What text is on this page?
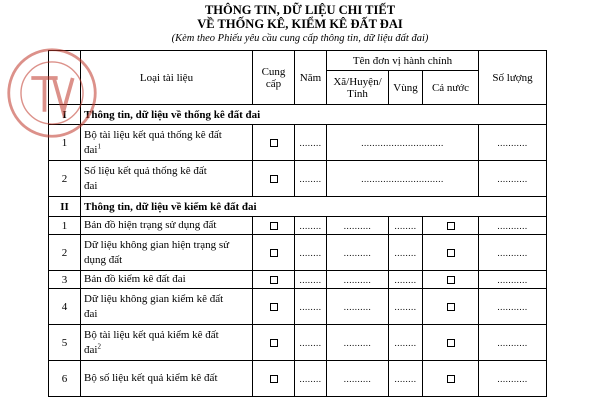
THÔNG TIN, DỮ LIỆU CHI TIẾT
VỀ THỐNG KÊ, KIỂM KÊ ĐẤT ĐAI
(Kèm theo Phiếu yêu cầu cung cấp thông tin, dữ liệu đất đai)
	Loại tài liệu	Cung
cấp	Năm	Tên đơn vị hành chính			Số lượng

				Xã/Huyện/
Tỉnh	Vùng	Cả nước	
I	Thông tin, dữ liệu về thống kê đất đai						
1	Bộ tài liệu kết quả thống kê đất
đai$^1$		........	..............................			...........
2	Số liệu kết quả thống kê đất
đai		........	..............................			...........
II	Thông tin, dữ liệu về kiểm kê đất đai						
1	Bản đồ hiện trạng sử dụng đất		........	..........	........		...........
2	Dữ liệu không gian hiện trạng sử
dụng đất		........	..........	........		...........
3	Bản đồ kiểm kê đất đai		........	..........	........		...........
4	Dữ liệu không gian kiểm kê đất
đai		........	..........	........		...........
5	Bộ tài liệu kết quả kiểm kê đất
đai$^2$		........	..........	........		...........
6	Bộ số liệu kết quả kiểm kê đất		........	..........	........		...........
